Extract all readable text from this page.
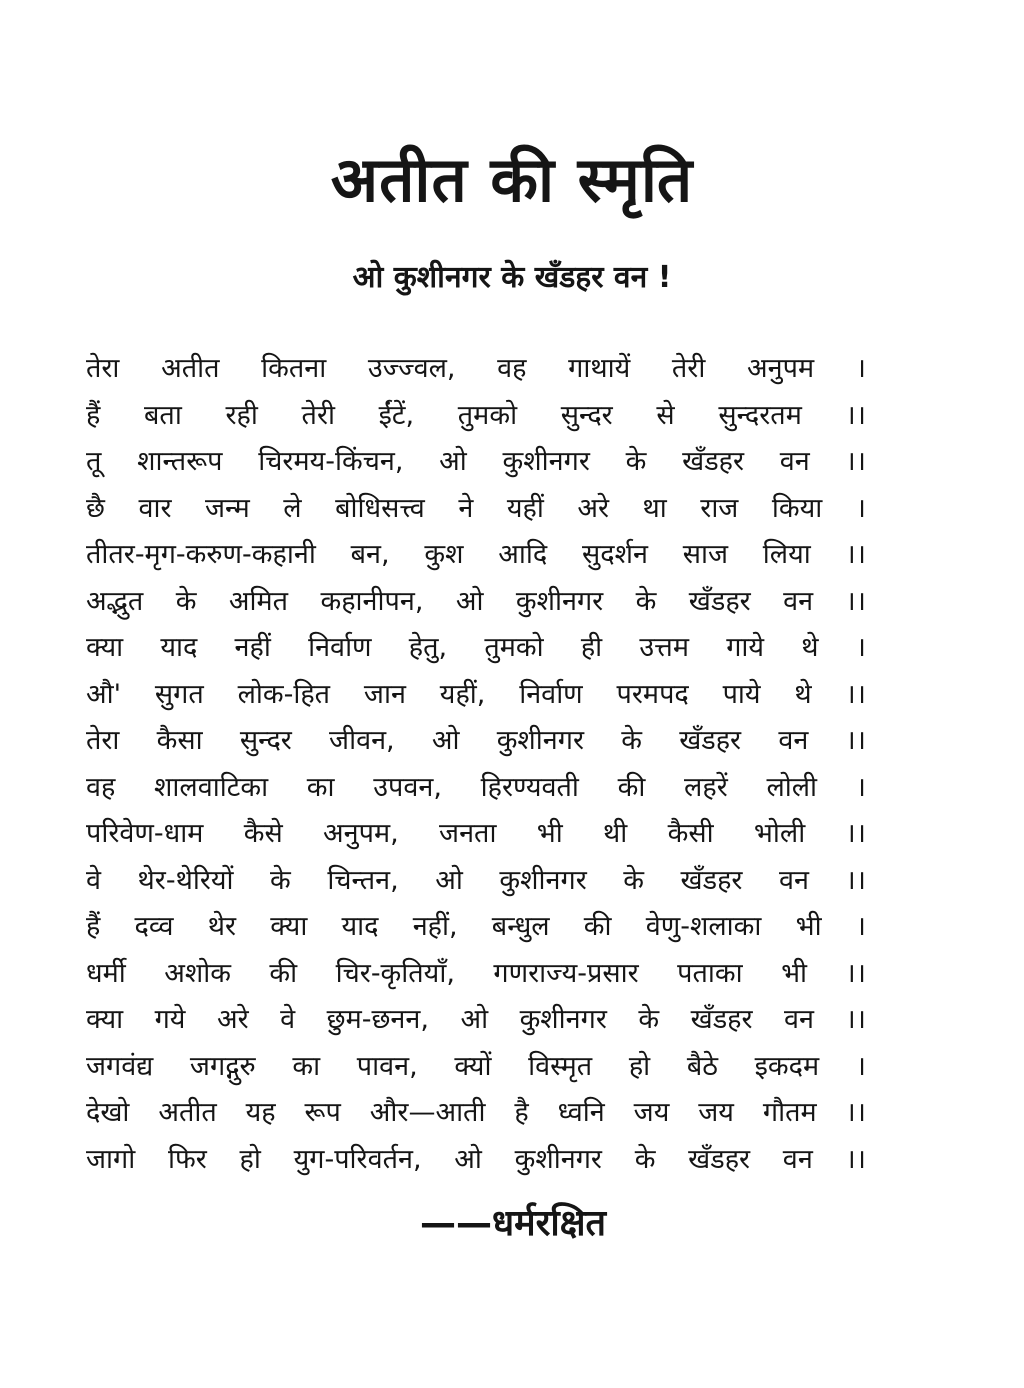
अतीत की स्मृति
ओ कुशीनगर के खँडहर वन !
तेरा अतीत कितना उज्ज्वल, वह गाथायें तेरी अनुपम ।
हैं बता रही तेरी ईंटें, तुमको सुन्दर से सुन्दरतम ।।
तू शान्तरूप चिरमय-किंचन, ओ कुशीनगर के खँडहर वन ।।
छै वार जन्म ले बोधिसत्त्व ने यहीं अरे था राज किया ।
तीतर-मृग-करुण-कहानी बन, कुश आदि सुदर्शन साज लिया ।।
अद्भुत के अमित कहानीपन, ओ कुशीनगर के खँडहर वन ।।
क्या याद नहीं निर्वाण हेतु, तुमको ही उत्तम गाये थे ।
औ' सुगत लोक-हित जान यहीं, निर्वाण परमपद पाये थे ।।
तेरा कैसा सुन्दर जीवन, ओ कुशीनगर के खँडहर वन ।।
वह शालवाटिका का उपवन, हिरण्यवती की लहरें लोली ।
परिवेण-धाम कैसे अनुपम, जनता भी थी कैसी भोली ।।
वे थेर-थेरियों के चिन्तन, ओ कुशीनगर के खँडहर वन ।।
हैं दव्व थेर क्या याद नहीं, बन्धुल की वेणु-शलाका भी ।
धर्मी अशोक की चिर-कृतियाँ, गणराज्य-प्रसार पताका भी ।।
क्या गये अरे वे छुम-छनन, ओ कुशीनगर के खँडहर वन ।।
जगवंद्य जगद्गुरु का पावन, क्यों विस्मृत हो बैठे इकदम ।
देखो अतीत यह रूप और—आती है ध्वनि जय जय गौतम ।।
जागो फिर हो युग-परिवर्तन, ओ कुशीनगर के खँडहर वन ।।
——धर्मरक्षित
